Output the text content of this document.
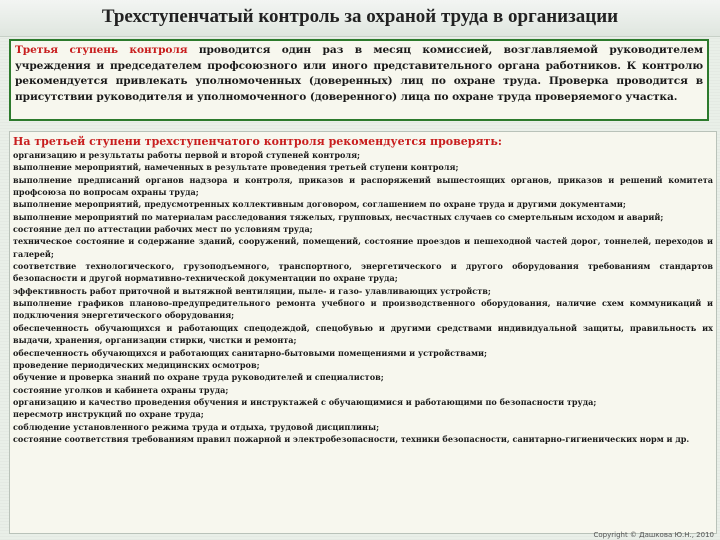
Трехступенчатый контроль за охраной труда в организации
Третья ступень контроля проводится один раз в месяц комиссией, возглавляемой руководителем учреждения и председателем профсоюзного или иного представительного органа работников. К контролю рекомендуется привлекать уполномоченных (доверенных) лиц по охране труда. Проверка проводится в присутствии руководителя и уполномоченного (доверенного) лица по охране труда проверяемого участка.
На третьей ступени трехступенчатого контроля рекомендуется проверять:
организацию и результаты работы первой и второй ступеней контроля;
выполнение мероприятий, намеченных в результате проведения третьей ступени контроля;
выполнение предписаний органов надзора и контроля, приказов и распоряжений вышестоящих органов, приказов и решений комитета профсоюза по вопросам охраны труда;
выполнение мероприятий, предусмотренных коллективным договором, соглашением по охране труда и другими документами;
выполнение мероприятий по материалам расследования тяжелых, групповых, несчастных случаев со смертельным исходом и аварий;
состояние дел по аттестации рабочих мест по условиям труда;
техническое состояние и содержание зданий, сооружений, помещений, состояние проездов и пешеходной частей дорог, тоннелей, переходов и галерей;
соответствие технологического, грузоподъемного, транспортного, энергетического и другого оборудования требованиям стандартов безопасности и другой нормативно-технической документации по охране труда;
эффективность работ приточной и вытяжной вентиляции, пыле- и газо- улавливающих устройств;
выполнение графиков планово-предупредительного ремонта учебного и производственного оборудования, наличие схем коммуникаций и подключения энергетического оборудования;
обеспеченность обучающихся и работающих спецодеждой, спецобувью и другими средствами индивидуальной защиты, правильность их выдачи, хранения, организации стирки, чистки и ремонта;
обеспеченность обучающихся и работающих санитарно-бытовыми помещениями и устройствами;
проведение периодических медицинских осмотров;
обучение и проверка знаний по охране труда руководителей и специалистов;
состояние уголков и кабинета охраны труда;
организацию и качество проведения обучения и инструктажей с обучающимися и работающими по безопасности труда;
пересмотр инструкций по охране труда;
соблюдение установленного режима труда и отдыха, трудовой дисциплины;
состояние соответствия требованиям правил пожарной и электробезопасности, техники безопасности, санитарно-гигиенических норм и др.
Copyright © Дашкова Ю.Н., 2010
